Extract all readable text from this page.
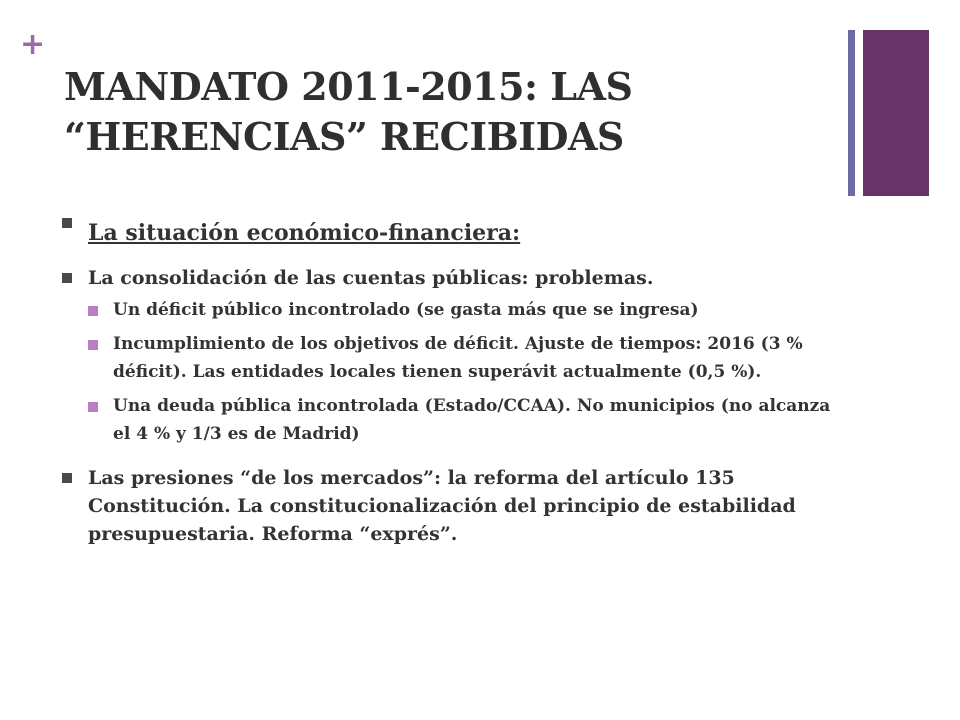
+
MANDATO 2011-2015: LAS
“HERENCIAS” RECIBIDAS
La situación económico-financiera:
La consolidación de las cuentas públicas: problemas.
Un déficit público incontrolado (se gasta más que se ingresa)
Incumplimiento de los objetivos de déficit. Ajuste de tiempos: 2016 (3 % déficit). Las entidades locales tienen superávit actualmente (0,5 %).
Una deuda pública incontrolada (Estado/CCAA). No municipios (no alcanza el 4 % y 1/3 es de Madrid)
Las presiones “de los mercados”: la reforma del artículo 135 Constitución. La constitucionalización del principio de estabilidad presupuestaria. Reforma “exprés”.
